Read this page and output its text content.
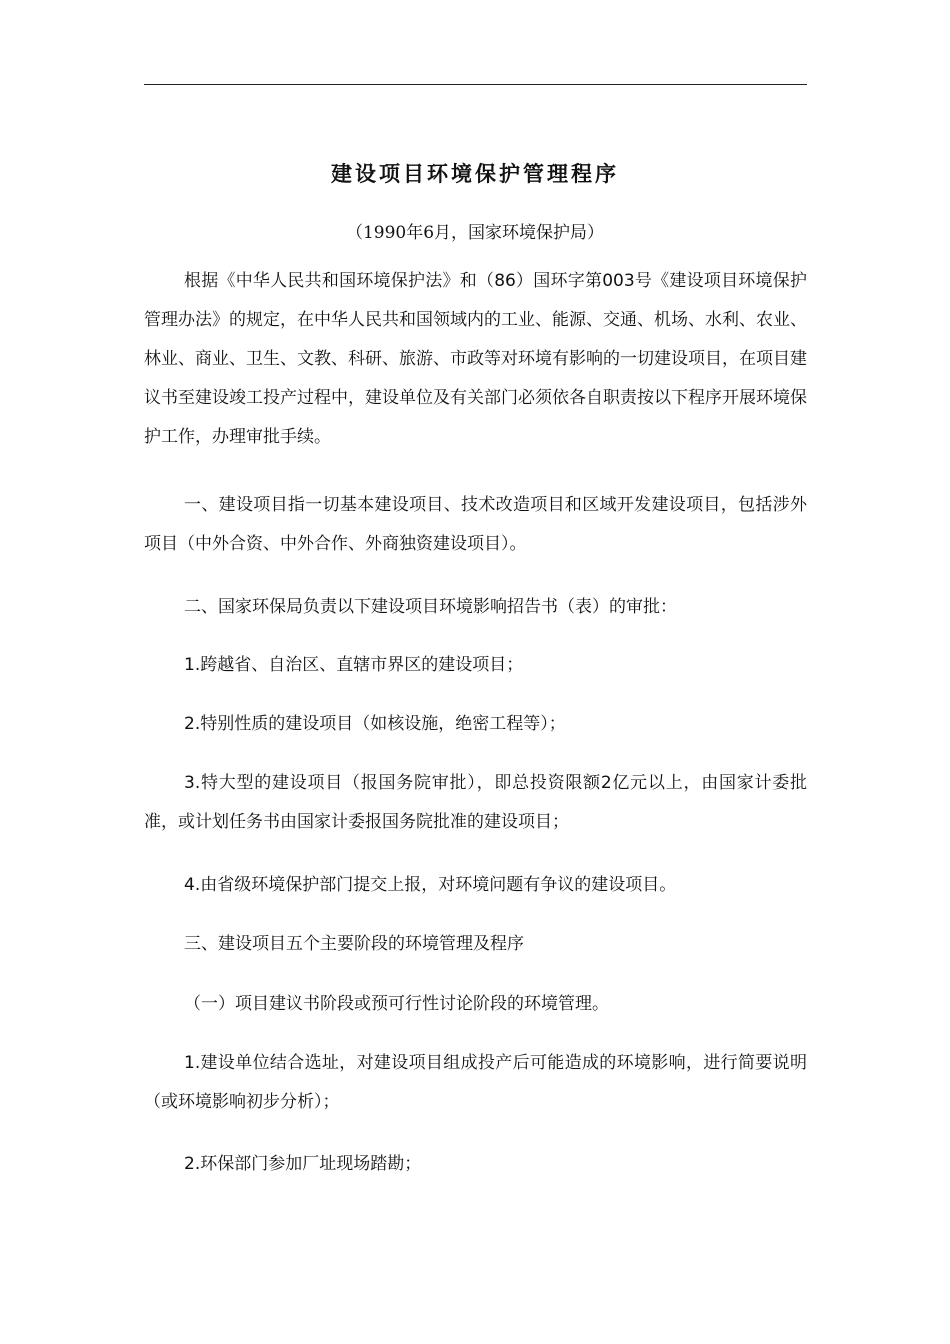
建设项目环境保护管理程序
（1990年6月，国家环境保护局）

根据《中华人民共和国环境保护法》和（86）国环字第003号《建设项目环境保护管理办法》的规定，在中华人民共和国领域内的工业、能源、交通、机场、水利、农业、林业、商业、卫生、文教、科研、旅游、市政等对环境有影响的一切建设项目，在项目建议书至建设竣工投产过程中，建设单位及有关部门必须依各自职责按以下程序开展环境保护工作，办理审批手续。

一、建设项目指一切基本建设项目、技术改造项目和区域开发建设项目，包括涉外项目（中外合资、中外合作、外商独资建设项目）。

二、国家环保局负责以下建设项目环境影响招告书（表）的审批：

1.跨越省、自治区、直辖市界区的建设项目；

2.特别性质的建设项目（如核设施，绝密工程等）；

3.特大型的建设项目（报国务院审批），即总投资限额2亿元以上，由国家计委批准，或计划任务书由国家计委报国务院批准的建设项目；

4.由省级环境保护部门提交上报，对环境问题有争议的建设项目。

三、建设项目五个主要阶段的环境管理及程序

（一）项目建议书阶段或预可行性讨论阶段的环境管理。

1.建设单位结合选址，对建设项目组成投产后可能造成的环境影响，进行简要说明（或环境影响初步分析）；

2.环保部门参加厂址现场踏勘；
